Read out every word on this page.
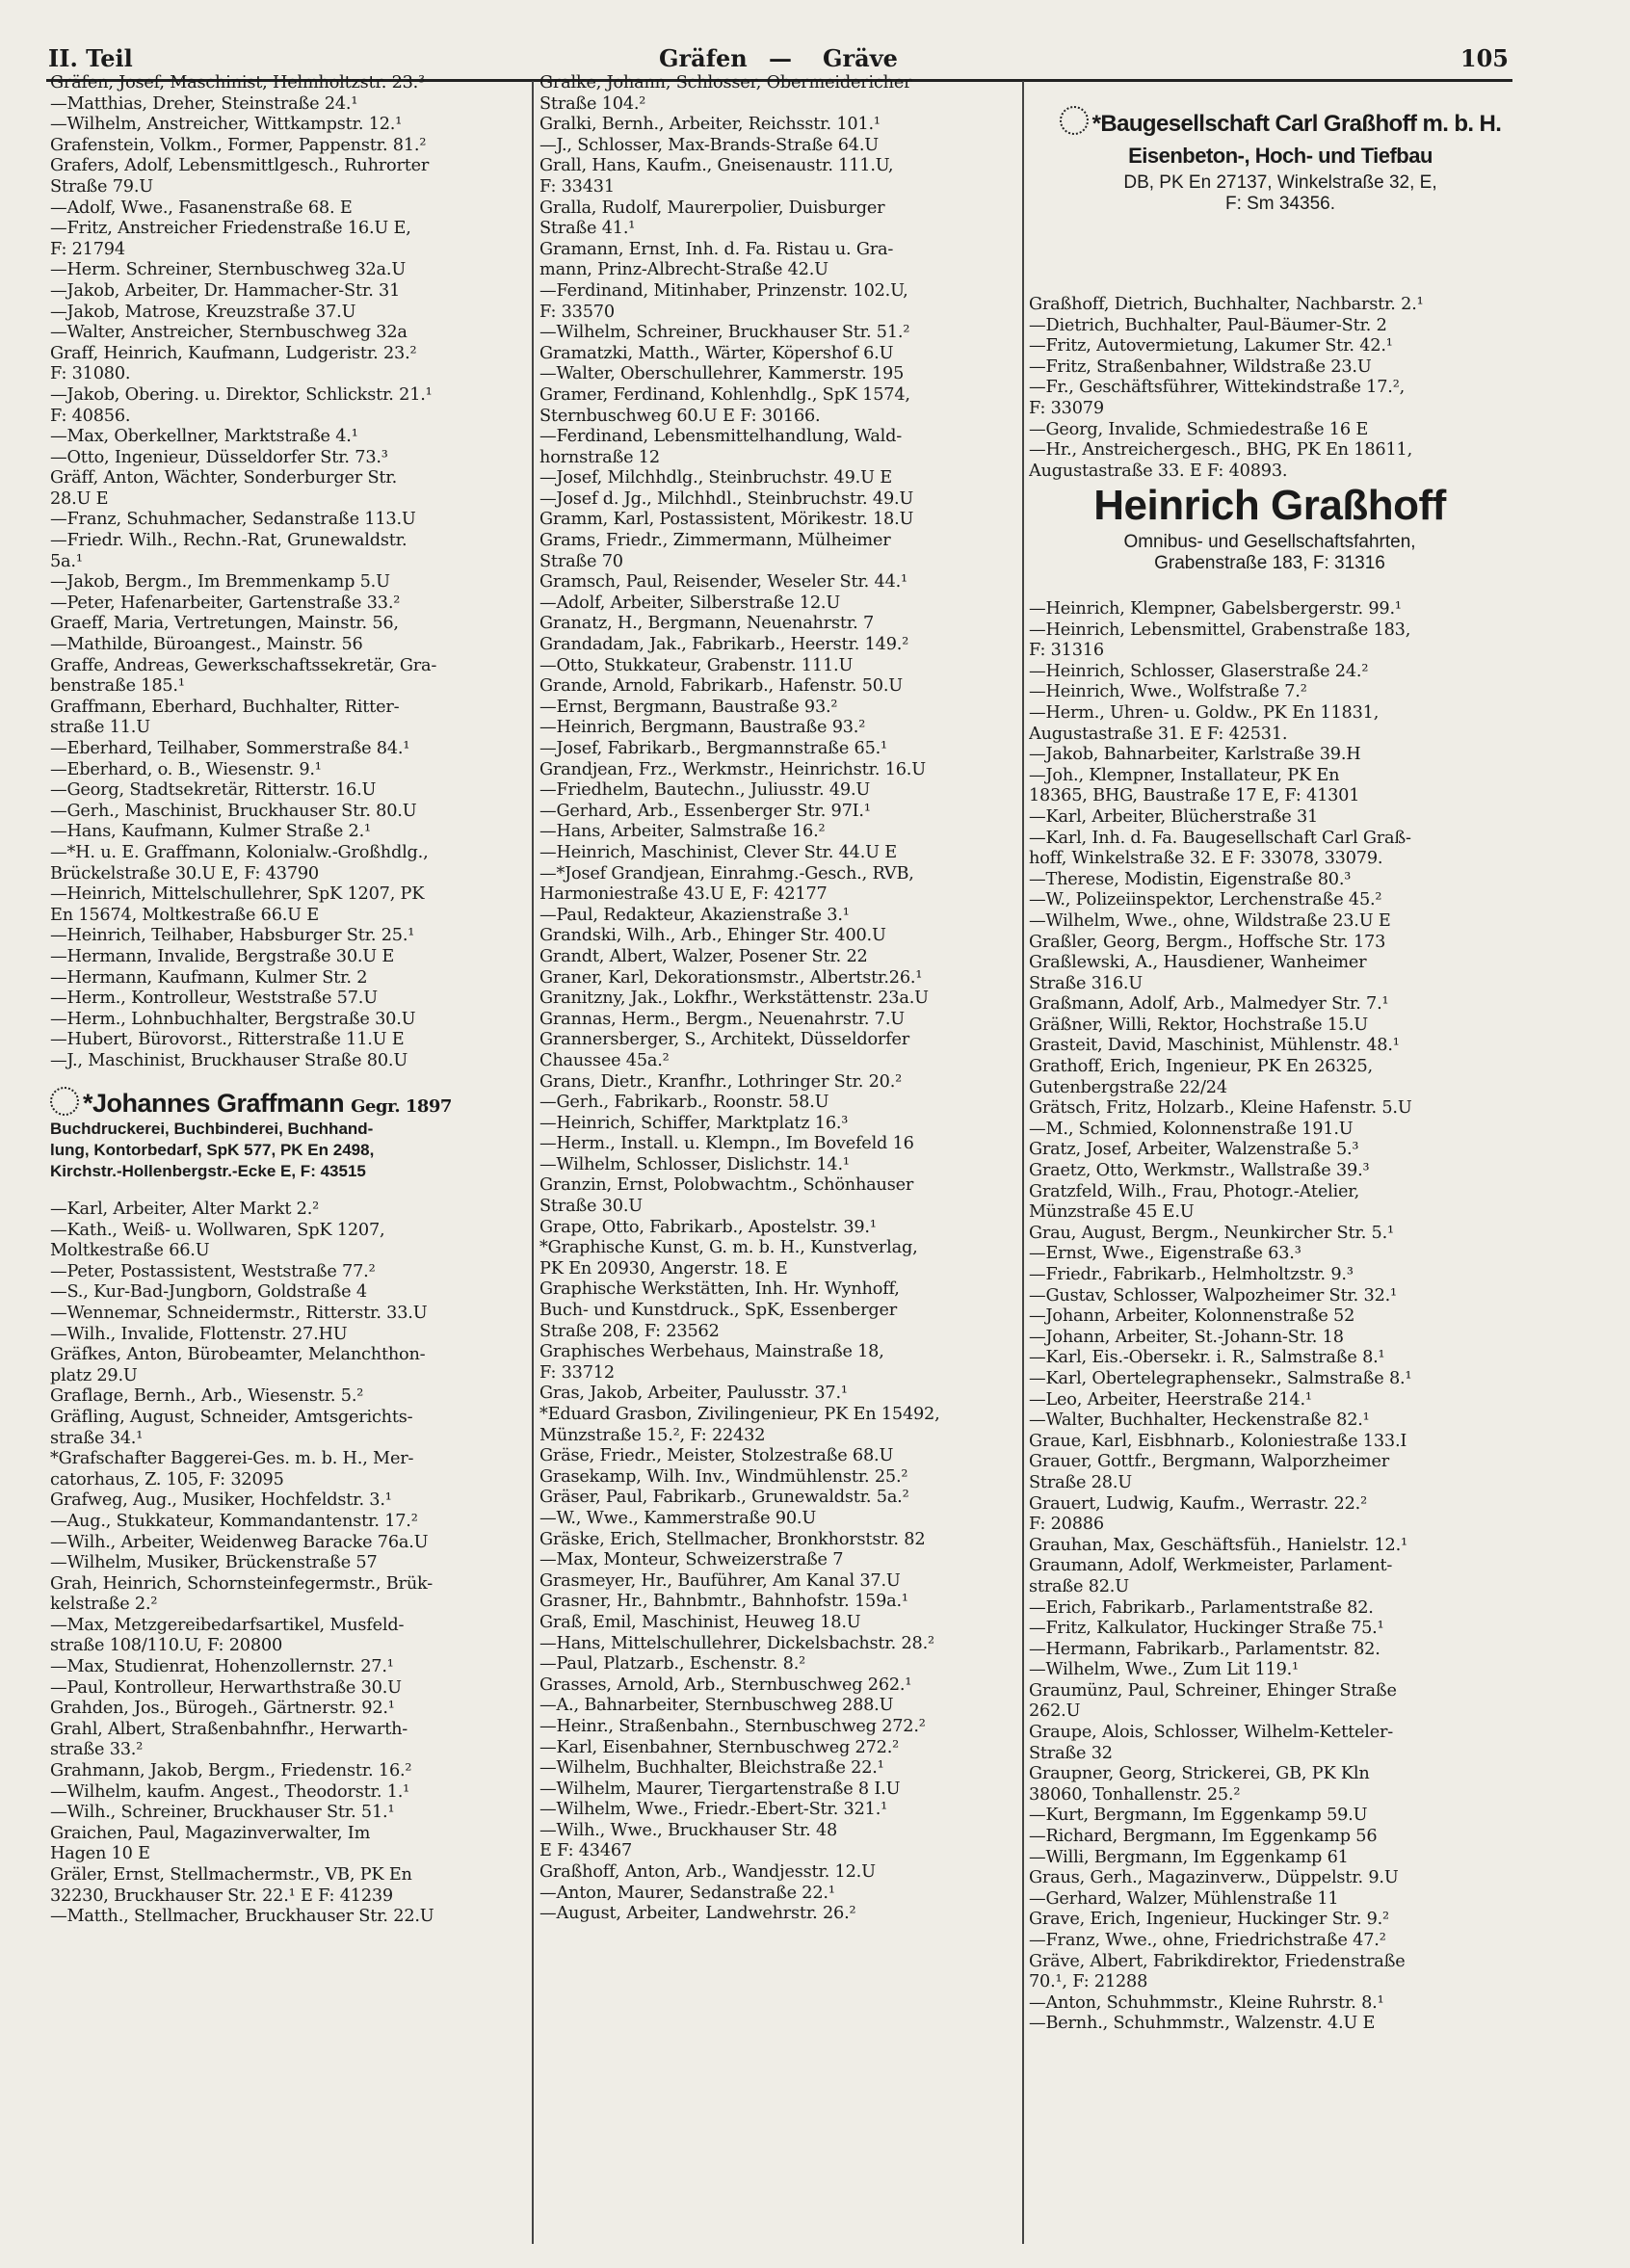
II. Teil	Gräfen — Gräve	105
Gräfen, Josef, Maschinist, Helmholtzstr. 23.³
—Matthias, Dreher, Steinstraße 24.¹
—Wilhelm, Anstreicher, Wittkampstr. 12.¹
Grafenstein, Volkm., Former, Pappenstr. 81.²
Grafers, Adolf, Lebensmittlgesch., Ruhrorter
Straße 79.U
—Adolf, Wwe., Fasanenstraße 68. E
—Fritz, Anstreicher Friedenstraße 16.U E,
F: 21794
—Herm. Schreiner, Sternbuschweg 32a.U
—Jakob, Arbeiter, Dr. Hammacher-Str. 31
—Jakob, Matrose, Kreuzstraße 37.U
—Walter, Anstreicher, Sternbuschweg 32a
Graff, Heinrich, Kaufmann, Ludgeristr. 23.²
F: 31080.
—Jakob, Obering. u. Direktor, Schlickstr. 21.¹
F: 40856.
—Max, Oberkellner, Marktstraße 4.¹
—Otto, Ingenieur, Düsseldorfer Str. 73.³
Gräff, Anton, Wächter, Sonderburger Str.
28.U E
—Franz, Schuhmacher, Sedanstraße 113.U
—Friedr. Wilh., Rechn.-Rat, Grunewaldstr.
5a.¹
—Jakob, Bergm., Im Bremmenkamp 5.U
—Peter, Hafenarbeiter, Gartenstraße 33.²
Graeff, Maria, Vertretungen, Mainstr. 56,
—Mathilde, Büroangest., Mainstr. 56
Graffe, Andreas, Gewerkschaftssekretär, Gra-
benstraße 185.¹
Graffmann, Eberhard, Buchhalter, Ritter-
straße 11.U
—Eberhard, Teilhaber, Sommerstraße 84.¹
—Eberhard, o. B., Wiesenstr. 9.¹
—Georg, Stadtsekretär, Ritterstr. 16.U
—Gerh., Maschinist, Bruckhauser Str. 80.U
—Hans, Kaufmann, Kulmer Straße 2.¹
—*H. u. E. Graffmann, Kolonialw.-Großhdlg.,
Brückelstraße 30.U E, F: 43790
—Heinrich, Mittelschullehrer, SpK 1207, PK
En 15674, Moltkestraße 66.U E
—Heinrich, Teilhaber, Habsburger Str. 25.¹
—Hermann, Invalide, Bergstraße 30.U E
—Hermann, Kaufmann, Kulmer Str. 2
—Herm., Kontrolleur, Weststraße 57.U
—Herm., Lohnbuchhalter, Bergstraße 30.U
—Hubert, Bürovorst., Ritterstraße 11.U E
—J., Maschinist, Bruckhauser Straße 80.U
*Johannes Graffmann Gegr. 1897
Buchdruckerei, Buchbinderei, Buchhand-
lung, Kontorbedarf, SpK 577, PK En 2498,
Kirchstr.-Hollenbergstr.-Ecke E, F: 43515
—Karl, Arbeiter, Alter Markt 2.²
—Kath., Weiß- u. Wollwaren, SpK 1207,
Moltkestraße 66.U
—Peter, Postassistent, Weststraße 77.²
—S., Kur-Bad-Jungborn, Goldstraße 4
—Wennemar, Schneidermstr., Ritterstr. 33.U
—Wilh., Invalide, Flottenstr. 27.HU
Gräfkes, Anton, Bürobeamter, Melanchthon-
platz 29.U
Graflage, Bernh., Arb., Wiesenstr. 5.²
Gräfling, August, Schneider, Amtsgerichts-
straße 34.¹
*Grafschafter Baggerei-Ges. m. b. H., Mer-
catorhaus, Z. 105, F: 32095
Grafweg, Aug., Musiker, Hochfeldstr. 3.¹
—Aug., Stukkateur, Kommandantenstr. 17.²
—Wilh., Arbeiter, Weidenweg Baracke 76a.U
—Wilhelm, Musiker, Brückenstraße 57
Grah, Heinrich, Schornsteinfegermstr., Brük-
kelstraße 2.²
—Max, Metzgereibedarfsartikel, Musfeld-
straße 108/110.U, F: 20800
—Max, Studienrat, Hohenzollernstr. 27.¹
—Paul, Kontrolleur, Herwarthstraße 30.U
Grahden, Jos., Bürogeh., Gärtnerstr. 92.¹
Grahl, Albert, Straßenbahnfhr., Herwarth-
straße 33.²
Grahmann, Jakob, Bergm., Friedenstr. 16.²
—Wilhelm, kaufm. Angest., Theodorstr. 1.¹
—Wilh., Schreiner, Bruckhauser Str. 51.¹
Graichen, Paul, Magazinverwalter, Im
Hagen 10 E
Gräler, Ernst, Stellmachermstr., VB, PK En
32230, Bruckhauser Str. 22.¹ E F: 41239
—Matth., Stellmacher, Bruckhauser Str. 22.U
Gralke, Johann, Schlosser, Obermeidericher
Straße 104.²
Gralki, Bernh., Arbeiter, Reichsstr. 101.¹
—J., Schlosser, Max-Brands-Straße 64.U
Grall, Hans, Kaufm., Gneisenaustr. 111.U,
F: 33431
Gralla, Rudolf, Maurerpolier, Duisburger
Straße 41.¹
Gramann, Ernst, Inh. d. Fa. Ristau u. Gra-
mann, Prinz-Albrecht-Straße 42.U
—Ferdinand, Mitinhaber, Prinzenstr. 102.U,
F: 33570
—Wilhelm, Schreiner, Bruckhauser Str. 51.²
Gramatzki, Matth., Wärter, Köpershof 6.U
—Walter, Oberschullehrer, Kammerstr. 195
Gramer, Ferdinand, Kohlenhdlg., SpK 1574,
Sternbuschweg 60.U E F: 30166.
—Ferdinand, Lebensmittelhandlung, Wald-
hornstraße 12
—Josef, Milchhdlg., Steinbruchstr. 49.U E
—Josef d. Jg., Milchhdl., Steinbruchstr. 49.U
Gramm, Karl, Postassistent, Mörikestr. 18.U
Grams, Friedr., Zimmermann, Mülheimer
Straße 70
Gramsch, Paul, Reisender, Weseler Str. 44.¹
—Adolf, Arbeiter, Silberstraße 12.U
Granatz, H., Bergmann, Neuenahrstr. 7
Grandadam, Jak., Fabrikarb., Heerstr. 149.²
—Otto, Stukkateur, Grabenstr. 111.U
Grande, Arnold, Fabrikarb., Hafenstr. 50.U
—Ernst, Bergmann, Baustraße 93.²
—Heinrich, Bergmann, Baustraße 93.²
—Josef, Fabrikarb., Bergmannstraße 65.¹
Grandjean, Frz., Werkmstr., Heinrichstr. 16.U
—Friedhelm, Bautechn., Juliusstr. 49.U
—Gerhard, Arb., Essenberger Str. 97I.¹
—Hans, Arbeiter, Salmstraße 16.²
—Heinrich, Maschinist, Clever Str. 44.U E
—*Josef Grandjean, Einrahmg.-Gesch., RVB,
Harmoniestraße 43.U E, F: 42177
—Paul, Redakteur, Akazienstraße 3.¹
Grandski, Wilh., Arb., Ehinger Str. 400.U
Grandt, Albert, Walzer, Posener Str. 22
Graner, Karl, Dekorationsmstr., Albertstr.26.¹
Granitzny, Jak., Lokfhr., Werkstättenstr. 23a.U
Grannas, Herm., Bergm., Neuenahrstr. 7.U
Grannersberger, S., Architekt, Düsseldorfer
Chaussee 45a.²
Grans, Dietr., Kranfhr., Lothringer Str. 20.²
—Gerh., Fabrikarb., Roonstr. 58.U
—Heinrich, Schiffer, Marktplatz 16.³
—Herm., Install. u. Klempn., Im Bovefeld 16
—Wilhelm, Schlosser, Dislichstr. 14.¹
Granzin, Ernst, Polobwachtm., Schönhauser
Straße 30.U
Grape, Otto, Fabrikarb., Apostelstr. 39.¹
*Graphische Kunst, G. m. b. H., Kunstverlag,
PK En 20930, Angerstr. 18. E
Graphische Werkstätten, Inh. Hr. Wynhoff,
Buch- und Kunstdruck., SpK, Essenberger
Straße 208, F: 23562
Graphisches Werbehaus, Mainstraße 18,
F: 33712
Gras, Jakob, Arbeiter, Paulusstr. 37.¹
*Eduard Grasbon, Zivilingenieur, PK En 15492,
Münzstraße 15.², F: 22432
Gräse, Friedr., Meister, Stolzestraße 68.U
Grasekamp, Wilh. Inv., Windmühlenstr. 25.²
Gräser, Paul, Fabrikarb., Grunewaldstr. 5a.²
—W., Wwe., Kammerstraße 90.U
Gräske, Erich, Stellmacher, Bronkhorststr. 82
—Max, Monteur, Schweizerstraße 7
Grasmeyer, Hr., Bauführer, Am Kanal 37.U
Grasner, Hr., Bahnbmtr., Bahnhofstr. 159a.¹
Graß, Emil, Maschinist, Heuweg 18.U
—Hans, Mittelschullehrer, Dickelsbachstr. 28.²
—Paul, Platzarb., Eschenstr. 8.²
Grasses, Arnold, Arb., Sternbuschweg 262.¹
—A., Bahnarbeiter, Sternbuschweg 288.U
—Heinr., Straßenbahn., Sternbuschweg 272.²
—Karl, Eisenbahner, Sternbuschweg 272.²
—Wilhelm, Buchhalter, Bleichstraße 22.¹
—Wilhelm, Maurer, Tiergartenstraße 8 I.U
—Wilhelm, Wwe., Friedr.-Ebert-Str. 321.¹
—Wilh., Wwe., Bruckhauser Str. 48
E F: 43467
Graßhoff, Anton, Arb., Wandjesstr. 12.U
—Anton, Maurer, Sedanstraße 22.¹
—August, Arbeiter, Landwehrstr. 26.²
*Baugesellschaft Carl Graßhoff m. b. H.
Eisenbeton-, Hoch- und Tiefbau
DB, PK En 27137, Winkelstraße 32, E,
F: Sm 34356.
Graßhoff, Dietrich, Buchhalter, Nachbarstr. 2.¹
—Dietrich, Buchhalter, Paul-Bäumer-Str. 2
—Fritz, Autovermietung, Lakumer Str. 42.¹
—Fritz, Straßenbahner, Wildstraße 23.U
—Fr., Geschäftsführer, Wittekindstraße 17.²,
F: 33079
—Georg, Invalide, Schmiedestraße 16 E
—Hr., Anstreichergesch., BHG, PK En 18611,
Augustastraße 33. E F: 40893.
Heinrich Graßhoff
Omnibus- und Gesellschaftsfahrten,
Grabenstraße 183, F: 31316
—Heinrich, Klempner, Gabelsbergerstr. 99.¹
—Heinrich, Lebensmittel, Grabenstraße 183,
F: 31316
—Heinrich, Schlosser, Glaserstraße 24.²
—Heinrich, Wwe., Wolfstraße 7.²
—Herm., Uhren- u. Goldw., PK En 11831,
Augustastraße 31. E F: 42531.
—Jakob, Bahnarbeiter, Karlstraße 39.H
—Joh., Klempner, Installateur, PK En
18365, BHG, Baustraße 17 E, F: 41301
—Karl, Arbeiter, Blücherstraße 31
—Karl, Inh. d. Fa. Baugesellschaft Carl Graß-
hoff, Winkelstraße 32. E F: 33078, 33079.
—Therese, Modistin, Eigenstraße 80.³
—W., Polizeiinspektor, Lerchenstraße 45.²
—Wilhelm, Wwe., ohne, Wildstraße 23.U E
Graßler, Georg, Bergm., Hoffsche Str. 173
Graßlewski, A., Hausdiener, Wanheimer
Straße 316.U
Graßmann, Adolf, Arb., Malmedyer Str. 7.¹
Gräßner, Willi, Rektor, Hochstraße 15.U
Grasteit, David, Maschinist, Mühlenstr. 48.¹
Grathoff, Erich, Ingenieur, PK En 26325,
Gutenbergstraße 22/24
Grätsch, Fritz, Holzarb., Kleine Hafenstr. 5.U
—M., Schmied, Kolonnenstraße 191.U
Gratz, Josef, Arbeiter, Walzenstraße 5.³
Graetz, Otto, Werkmstr., Wallstraße 39.³
Gratzfeld, Wilh., Frau, Photogr.-Atelier,
Münzstraße 45 E.U
Grau, August, Bergm., Neunkircher Str. 5.¹
—Ernst, Wwe., Eigenstraße 63.³
—Friedr., Fabrikarb., Helmholtzstr. 9.³
—Gustav, Schlosser, Walpozheimer Str. 32.¹
—Johann, Arbeiter, Kolonnenstraße 52
—Johann, Arbeiter, St.-Johann-Str. 18
—Karl, Eis.-Obersekr. i. R., Salmstraße 8.¹
—Karl, Obertelegraphensekr., Salmstraße 8.¹
—Leo, Arbeiter, Heerstraße 214.¹
—Walter, Buchhalter, Heckenstraße 82.¹
Graue, Karl, Eisbhnarb., Koloniestraße 133.I
Grauer, Gottfr., Bergmann, Walporzheimer
Straße 28.U
Grauert, Ludwig, Kaufm., Werrastr. 22.²
F: 20886
Grauhan, Max, Geschäftsfüh., Hanielstr. 12.¹
Graumann, Adolf, Werkmeister, Parlament-
straße 82.U
—Erich, Fabrikarb., Parlamentstraße 82.
—Fritz, Kalkulator, Huckinger Straße 75.¹
—Hermann, Fabrikarb., Parlamentstr. 82.
—Wilhelm, Wwe., Zum Lit 119.¹
Graumünz, Paul, Schreiner, Ehinger Straße
262.U
Graupe, Alois, Schlosser, Wilhelm-Ketteler-
Straße 32
Graupner, Georg, Strickerei, GB, PK Kln
38060, Tonhallenstr. 25.²
—Kurt, Bergmann, Im Eggenkamp 59.U
—Richard, Bergmann, Im Eggenkamp 56
—Willi, Bergmann, Im Eggenkamp 61
Graus, Gerh., Magazinverw., Düppelstr. 9.U
—Gerhard, Walzer, Mühlenstraße 11
Grave, Erich, Ingenieur, Huckinger Str. 9.²
—Franz, Wwe., ohne, Friedrichstraße 47.²
Gräve, Albert, Fabrikdirektor, Friedenstraße
70.¹, F: 21288
—Anton, Schuhmmstr., Kleine Ruhrstr. 8.¹
—Bernh., Schuhmmstr., Walzenstr. 4.U E
